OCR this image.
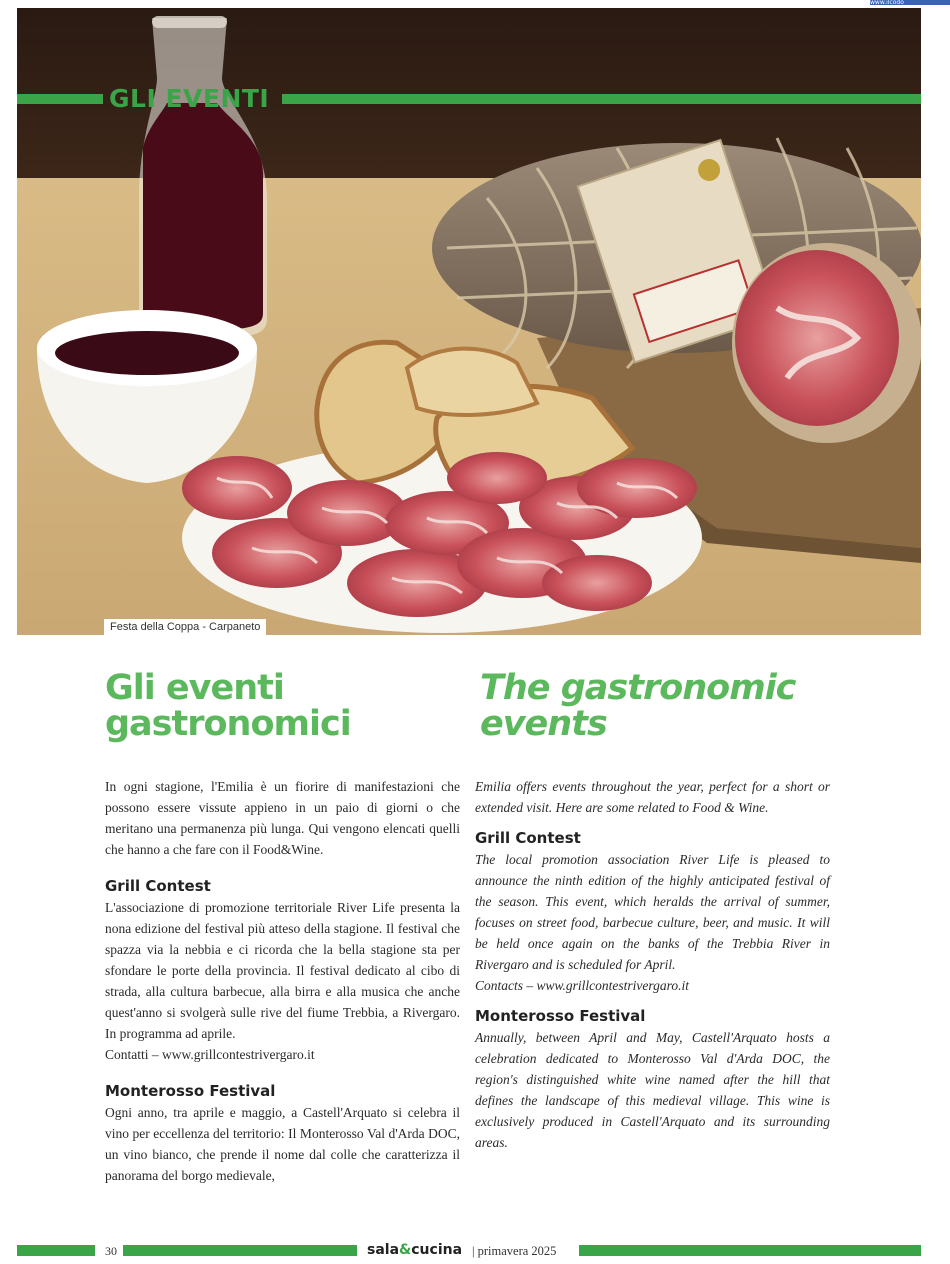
www.ilcodo
GLI EVENTI
Festa della Coppa - Carpaneto
Gli eventi
gastronomici
The gastronomic
events

In ogni stagione, l'Emilia è un fiorire di manifestazioni che possono essere vissute appieno in un paio di giorni o che meritano una permanenza più lunga. Qui vengono elencati quelli che hanno a che fare con il Food&Wine.

Grill Contest

L'associazione di promozione territoriale River Life presenta la nona edizione del festival più atteso della stagione. Il festival che spazza via la nebbia e ci ricorda che la bella stagione sta per sfondare le porte della provincia. Il festival dedicato al cibo di strada, alla cultura barbecue, alla birra e alla musica che anche quest'anno si svolgerà sulle rive del fiume Trebbia, a Rivergaro. In programma ad aprile.

Contatti – www.grillcontestrivergaro.it

Monterosso Festival

Ogni anno, tra aprile e maggio, a Castell'Arquato si celebra il vino per eccellenza del territorio: Il Monterosso Val d'Arda DOC, un vino bianco, che prende il nome dal colle che caratterizza il panorama del borgo medievale,

Emilia offers events throughout the year, perfect for a short or extended visit. Here are some related to Food & Wine.

Grill Contest

The local promotion association River Life is pleased to announce the ninth edition of the highly anticipated festival of the season. This event, which heralds the arrival of summer, focuses on street food, barbecue culture, beer, and music. It will be held once again on the banks of the Trebbia River in Rivergaro and is scheduled for April.

Contacts – www.grillcontestrivergaro.it

Monterosso Festival

Annually, between April and May, Castell'Arquato hosts a celebration dedicated to Monterosso Val d'Arda DOC, the region's distinguished white wine named after the hill that defines the landscape of this medieval village. This wine is exclusively produced in Castell'Arquato and its surrounding areas.

30	sala&cucina | primavera 2025
